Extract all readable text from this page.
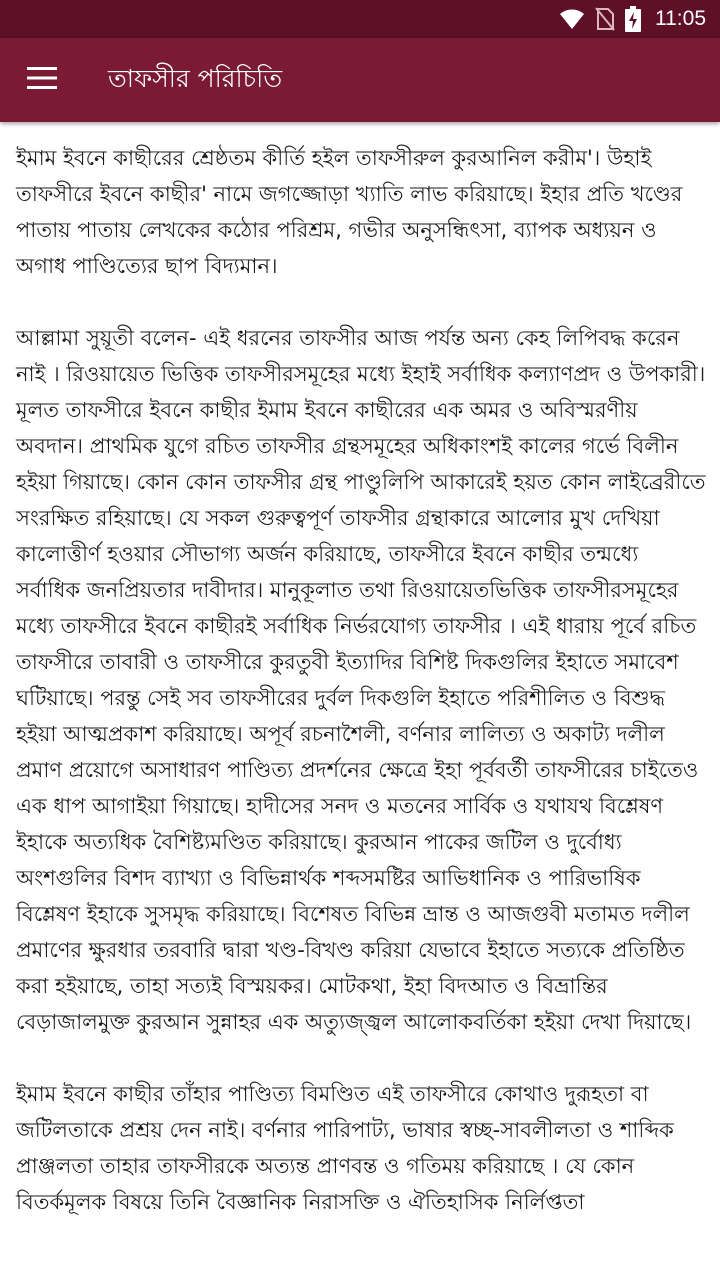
11:05
তাফসীর পরিচিতি

ইমাম ইবনে কাছীরের শ্রেষ্ঠতম কীর্তি হইল তাফসীরুল কুরআনিল করীম'। উহাই তাফসীরে ইবনে কাছীর' নামে জগজ্জোড়া খ্যাতি লাভ করিয়াছে। ইহার প্রতি খণ্ডের পাতায় পাতায় লেখকের কঠোর পরিশ্রম, গভীর অনুসন্ধিৎসা, ব্যাপক অধ্যয়ন ও অগাধ পাণ্ডিত্যের ছাপ বিদ্যমান।

আল্লামা সুয়ূতী বলেন- এই ধরনের তাফসীর আজ পর্যন্ত অন্য কেহ লিপিবদ্ধ করেন নাই । রিওয়ায়েত ভিত্তিক তাফসীরসমূহের মধ্যে ইহাই সর্বাধিক কল্যাণপ্রদ ও উপকারী। মূলত তাফসীরে ইবনে কাছীর ইমাম ইবনে কাছীরের এক অমর ও অবিস্মরণীয় অবদান। প্রাথমিক যুগে রচিত তাফসীর গ্রন্থসমূহের অধিকাংশই কালের গর্ভে বিলীন হইয়া গিয়াছে। কোন কোন তাফসীর গ্রন্থ পাণ্ডুলিপি আকারেই হয়ত কোন লাইব্রেরীতে সংরক্ষিত রহিয়াছে। যে সকল গুরুত্বপূর্ণ তাফসীর গ্রন্থাকারে আলোর মুখ দেখিয়া কালোত্তীর্ণ হওয়ার সৌভাগ্য অর্জন করিয়াছে, তাফসীরে ইবনে কাছীর তন্মধ্যে সর্বাধিক জনপ্রিয়তার দাবীদার। মানুকূলাত তথা রিওয়ায়েতভিত্তিক তাফসীরসমূহের মধ্যে তাফসীরে ইবনে কাছীরই সর্বাধিক নির্ভরযোগ্য তাফসীর । এই ধারায় পূর্বে রচিত তাফসীরে তাবারী ও তাফসীরে কুরতুবী ইত্যাদির বিশিষ্ট দিকগুলির ইহাতে সমাবেশ ঘটিয়াছে। পরন্তু সেই সব তাফসীরের দুর্বল দিকগুলি ইহাতে পরিশীলিত ও বিশুদ্ধ হইয়া আত্মপ্রকাশ করিয়াছে। অপূর্ব রচনাশৈলী, বর্ণনার লালিত্য ও অকাট্য দলীল প্রমাণ প্রয়োগে অসাধারণ পাণ্ডিত্য প্রদর্শনের ক্ষেত্রে ইহা পূর্ববর্তী তাফসীরের চাইতেও এক ধাপ আগাইয়া গিয়াছে। হাদীসের সনদ ও মতনের সার্বিক ও যথাযথ বিশ্লেষণ ইহাকে অত্যধিক বৈশিষ্ট্যমণ্ডিত করিয়াছে। কুরআন পাকের জটিল ও দুর্বোধ্য অংশগুলির বিশদ ব্যাখ্যা ও বিভিন্নার্থক শব্দসমষ্টির আভিধানিক ও পারিভাষিক বিশ্লেষণ ইহাকে সুসমৃদ্ধ করিয়াছে। বিশেষত বিভিন্ন ভ্রান্ত ও আজগুবী মতামত দলীল প্রমাণের ক্ষুরধার তরবারি দ্বারা খণ্ড-বিখণ্ড করিয়া যেভাবে ইহাতে সত্যকে প্রতিষ্ঠিত করা হইয়াছে, তাহা সত্যই বিস্ময়কর। মোটকথা, ইহা বিদআত ও বিভ্রান্তির বেড়াজালমুক্ত কুরআন সুন্নাহর এক অত্যুজ্জ্বল আলোকবর্তিকা হইয়া দেখা দিয়াছে।

ইমাম ইবনে কাছীর তাঁহার পাণ্ডিত্য বিমণ্ডিত এই তাফসীরে কোথাও দুরূহতা বা জটিলতাকে প্রশ্রয় দেন নাই। বর্ণনার পারিপাট্য, ভাষার স্বচ্ছ-সাবলীলতা ও শাব্দিক প্রাঞ্জলতা তাহার তাফসীরকে অত্যন্ত প্রাণবন্ত ও গতিময় করিয়াছে । যে কোন বিতর্কমূলক বিষয়ে তিনি বৈজ্ঞানিক নিরাসক্তি ও ঐতিহাসিক নির্লিপ্ততা
